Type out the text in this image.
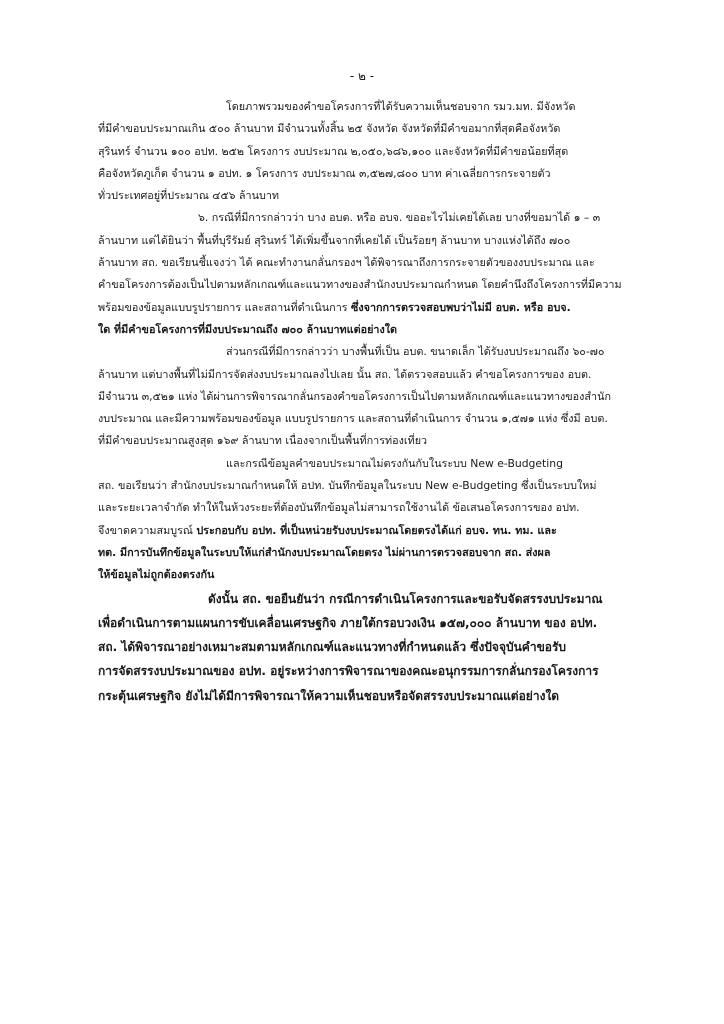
- ๒ -
โดยภาพรวมของคำขอโครงการที่ได้รับความเห็นชอบจาก รมว.มท. มีจังหวัด
ที่มีคำขอบประมาณเกิน ๕๐๐ ล้านบาท มีจำนวนทั้งสิ้น ๒๕ จังหวัด จังหวัดที่มีคำขอมากที่สุดคือจังหวัด
สุรินทร์ จำนวน ๑๐๐ อปท. ๒๕๒ โครงการ งบประมาณ ๒,๐๕๐,๖๘๖,๑๐๐ และจังหวัดที่มีคำขอน้อยที่สุด
คือจังหวัดภูเก็ต จำนวน ๑ อปท. ๑ โครงการ งบประมาณ ๓,๕๒๗,๘๐๐ บาท ค่าเฉลี่ยการกระจายตัว
ทั่วประเทศอยู่ที่ประมาณ ๔๕๖ ล้านบาท
๖. กรณีที่มีการกล่าวว่า บาง อบต. หรือ อบจ. ขออะไรไม่เคยได้เลย บางที่ขอมาได้ ๑ – ๓
ล้านบาท แต่ได้ยินว่า พื้นที่บุรีรัมย์ สุรินทร์ ได้เพิ่มขึ้นจากที่เคยได้ เป็นร้อยๆ ล้านบาท บางแห่งได้ถึง ๗๐๐
ล้านบาท สถ. ขอเรียนชี้แจงว่า ได้ คณะทำงานกลั่นกรองฯ ได้พิจารณาถึงการกระจายตัวของงบประมาณ และ
คำขอโครงการต้องเป็นไปตามหลักเกณฑ์และแนวทางของสำนักงบประมาณกำหนด โดยคำนึงถึงโครงการที่มีความ
พร้อมของข้อมูลแบบรูปรายการ และสถานที่ดำเนินการ ซึ่งจากการตรวจสอบพบว่าไม่มี อบต. หรือ อบจ.
ใด ที่มีคำขอโครงการที่มีงบประมาณถึง ๗๐๐ ล้านบาทแต่อย่างใด
ส่วนกรณีที่มีการกล่าวว่า บางพื้นที่เป็น อบต. ขนาดเล็ก ได้รับงบประมาณถึง ๖๐-๗๐
ล้านบาท แต่บางพื้นที่ไม่มีการจัดส่งงบประมาณลงไปเลย นั้น สถ. ได้ตรวจสอบแล้ว คำขอโครงการของ อบต.
มีจำนวน ๓,๕๒๑ แห่ง ได้ผ่านการพิจารณากลั่นกรองคำขอโครงการเป็นไปตามหลักเกณฑ์และแนวทางของสำนัก
งบประมาณ และมีความพร้อมของข้อมูล แบบรูปรายการ และสถานที่ดำเนินการ จำนวน ๑,๕๗๑ แห่ง ซึ่งมี อบต.
ที่มีคำขอบประมาณสูงสุด ๑๖๙ ล้านบาท เนื่องจากเป็นพื้นที่การท่องเที่ยว
และกรณีข้อมูลคำขอบประมาณไม่ตรงกันกับในระบบ New e-Budgeting
สถ. ขอเรียนว่า สำนักงบประมาณกำหนดให้ อปท. บันทึกข้อมูลในระบบ New e-Budgeting ซึ่งเป็นระบบใหม่
และระยะเวลาจำกัด ทำให้ในห้วงระยะที่ต้องบันทึกข้อมูลไม่สามารถใช้งานได้ ข้อเสนอโครงการของ อปท.
จึงขาดความสมบูรณ์ ประกอบกับ อปท. ที่เป็นหน่วยรับงบประมาณโดยตรงได้แก่ อบจ. ทน. ทม. และ
ทต. มีการบันทึกข้อมูลในระบบให้แก่สำนักงบประมาณโดยตรง ไม่ผ่านการตรวจสอบจาก สถ. ส่งผล
ให้ข้อมูลไม่ถูกต้องตรงกัน
ดังนั้น สถ. ขอยืนยันว่า กรณีการดำเนินโครงการและขอรับจัดสรรงบประมาณ
เพื่อดำเนินการตามแผนการขับเคลื่อนเศรษฐกิจ ภายใต้กรอบวงเงิน ๑๕๗,๐๐๐ ล้านบาท ของ อปท.
สถ. ได้พิจารณาอย่างเหมาะสมตามหลักเกณฑ์และแนวทางที่กำหนดแล้ว ซึ่งปัจจุบันคำขอรับ
การจัดสรรงบประมาณของ อปท. อยู่ระหว่างการพิจารณาของคณะอนุกรรมการกลั่นกรองโครงการ
กระตุ้นเศรษฐกิจ ยังไม่ได้มีการพิจารณาให้ความเห็นชอบหรือจัดสรรงบประมาณแต่อย่างใด
